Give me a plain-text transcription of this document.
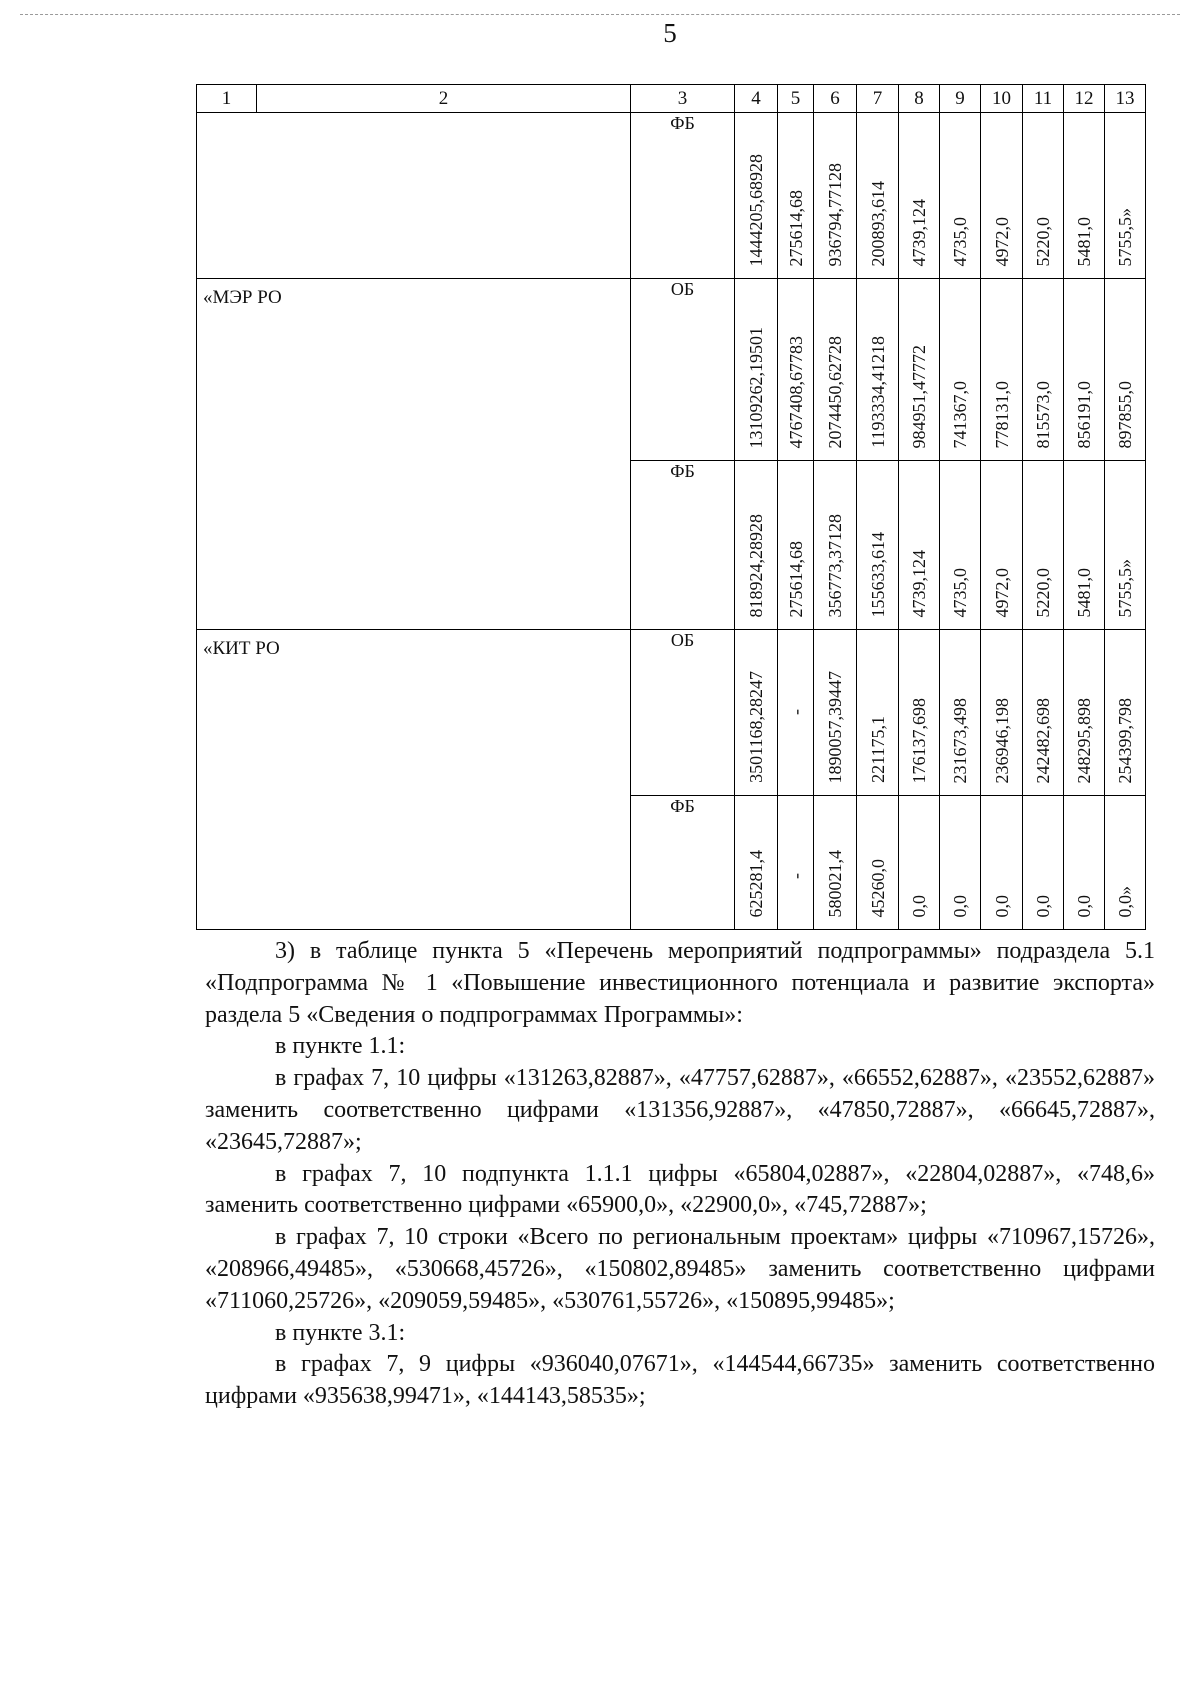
5
1	2	3	4	5	6	7	8	9	10	11	12	13

		ФБ	1444205,68928	275614,68	936794,77128	200893,614	4739,124	4735,0	4972,0	5220,0	5481,0	5755,5»

«МЭР РО		ОБ	13109262,19501	4767408,67783	2074450,62728	1193334,41218	984951,47772	741367,0	778131,0	815573,0	856191,0	897855,0

		ФБ	818924,28928	275614,68	356773,37128	155633,614	4739,124	4735,0	4972,0	5220,0	5481,0	5755,5»

«КИТ РО		ОБ	3501168,28247	-	1890057,39447	221175,1	176137,698	231673,498	236946,198	242482,698	248295,898	254399,798

		ФБ	625281,4	-	580021,4	45260,0	0,0	0,0	0,0	0,0	0,0	0,0»

3) в таблице пункта 5 «Перечень мероприятий подпрограммы» подраздела 5.1 «Подпрограмма № 1 «Повышение инвестиционного потенциала и развитие экспорта» раздела 5 «Сведения о подпрограммах Программы»:

в пункте 1.1:

в графах 7, 10 цифры «131263,82887», «47757,62887», «66552,62887», «23552,62887» заменить соответственно цифрами «131356,92887», «47850,72887», «66645,72887», «23645,72887»;

в графах 7, 10 подпункта 1.1.1 цифры «65804,02887», «22804,02887», «748,6» заменить соответственно цифрами «65900,0», «22900,0», «745,72887»;

в графах 7, 10 строки «Всего по региональным проектам» цифры «710967,15726», «208966,49485», «530668,45726», «150802,89485» заменить соответственно цифрами «711060,25726», «209059,59485», «530761,55726», «150895,99485»;

в пункте 3.1:

в графах 7, 9 цифры «936040,07671», «144544,66735» заменить соответственно цифрами «935638,99471», «144143,58535»;
